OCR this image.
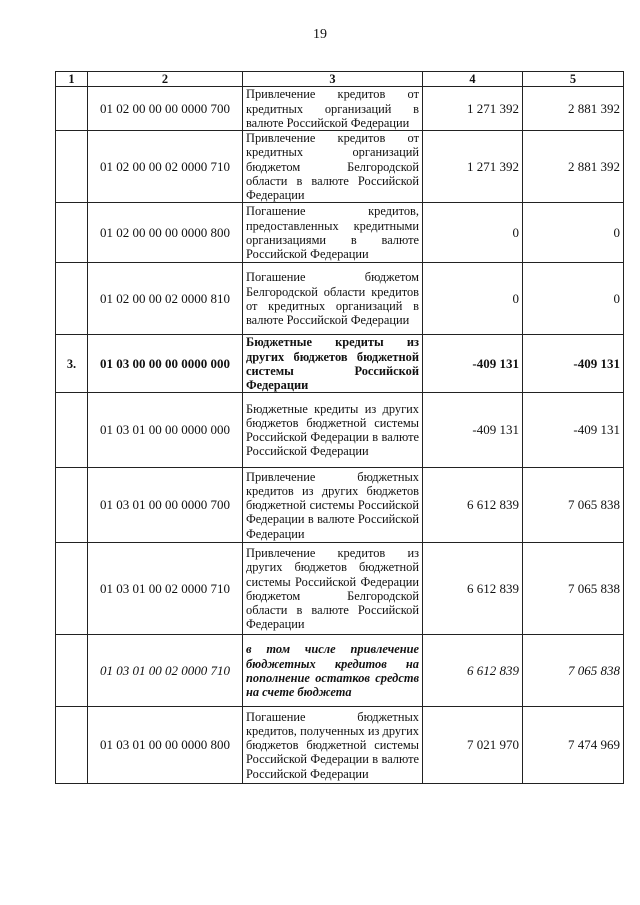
19
1	2	3	4	5
	01 02 00 00 00 0000 700	Привлечение кредитов от кредитных организаций в валюте Российской Федерации	1 271 392	2 881 392
	01 02 00 00 02 0000 710	Привлечение кредитов от кредитных организаций бюджетом Белгородской области в валюте Российской Федерации	1 271 392	2 881 392
	01 02 00 00 00 0000 800	Погашение кредитов, предоставленных кредитными организациями в валюте Российской Федерации	0	0
	01 02 00 00 02 0000 810	Погашение бюджетом Белгородской области кредитов от кредитных организаций в валюте Российской Федерации	0	0
3.	01 03 00 00 00 0000 000	Бюджетные кредиты из других бюджетов бюджетной системы Российской Федерации	-409 131	-409 131
	01 03 01 00 00 0000 000	Бюджетные кредиты из других бюджетов бюджетной системы Российской Федерации в валюте Российской Федерации	-409 131	-409 131
	01 03 01 00 00 0000 700	Привлечение бюджетных кредитов из других бюджетов бюджетной системы Российской Федерации в валюте Российской Федерации	6 612 839	7 065 838
	01 03 01 00 02 0000 710	Привлечение кредитов из других бюджетов бюджетной системы Российской Федерации бюджетом Белгородской области в валюте Российской Федерации	6 612 839	7 065 838
	01 03 01 00 02 0000 710	в том числе привлечение бюджетных кредитов на пополнение остатков средств на счете бюджета	6 612 839	7 065 838
	01 03 01 00 00 0000 800	Погашение бюджетных кредитов, полученных из других бюджетов бюджетной системы Российской Федерации в валюте Российской Федерации	7 021 970	7 474 969
